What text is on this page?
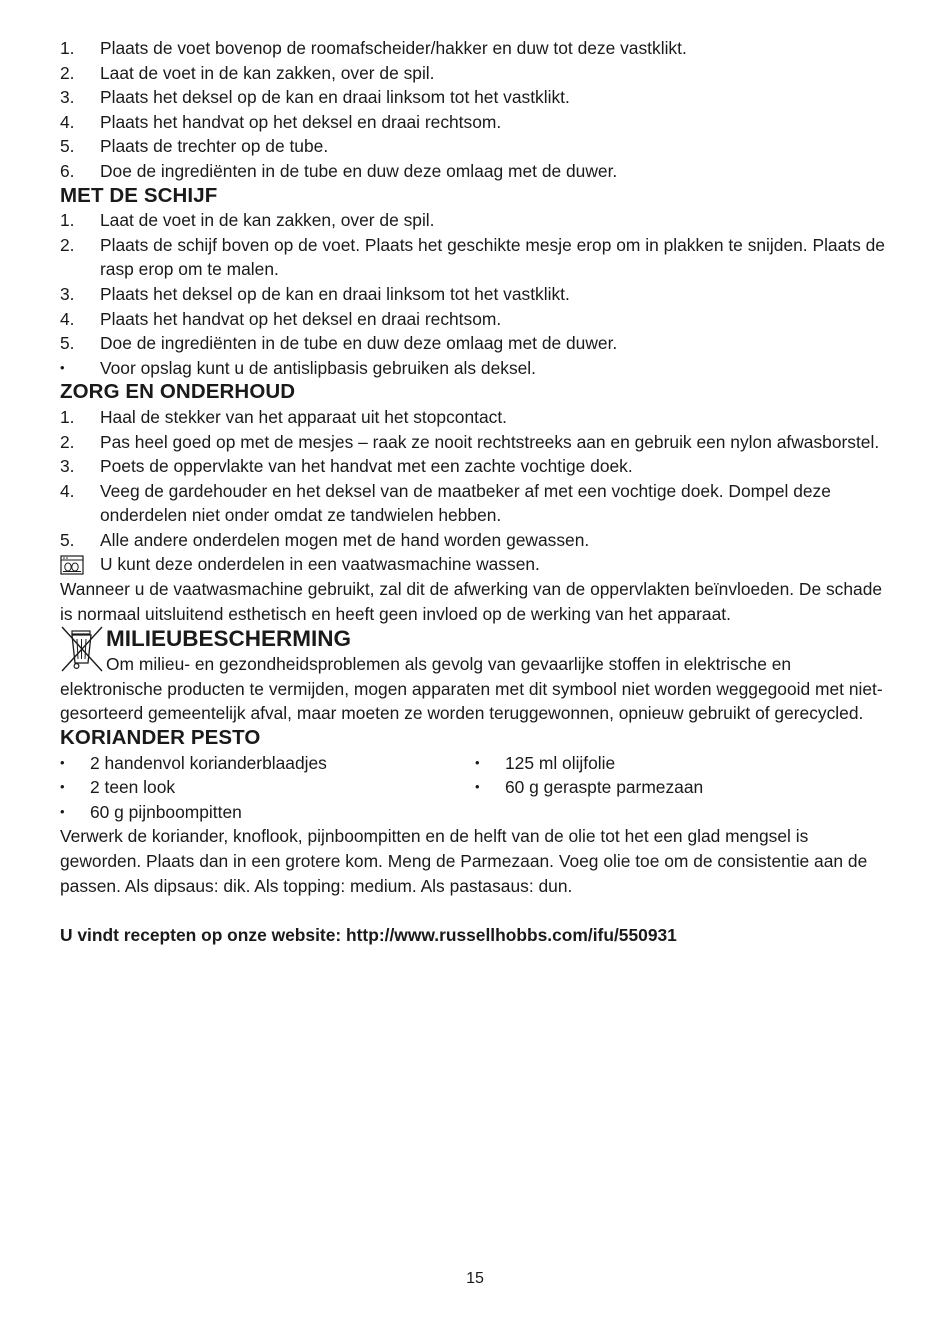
1.	Plaats de voet bovenop de roomafscheider/hakker en duw tot deze vastklikt.
2.	Laat de voet in de kan zakken, over de spil.
3.	Plaats het deksel op de kan en draai linksom tot het vastklikt.
4.	Plaats het handvat op het deksel en draai rechtsom.
5.	Plaats de trechter op de tube.
6.	Doe de ingrediënten in de tube en duw deze omlaag met de duwer.
MET DE SCHIJF
1.	Laat de voet in de kan zakken, over de spil.
2.	Plaats de schijf boven op de voet. Plaats het geschikte mesje erop om in plakken te snijden. Plaats de rasp erop om te malen.
3.	Plaats het deksel op de kan en draai linksom tot het vastklikt.
4.	Plaats het handvat op het deksel en draai rechtsom.
5.	Doe de ingrediënten in de tube en duw deze omlaag met de duwer.
•	Voor opslag kunt u de antislipbasis gebruiken als deksel.
ZORG EN ONDERHOUD
1.	Haal de stekker van het apparaat uit het stopcontact.
2.	Pas heel goed op met de mesjes – raak ze nooit rechtstreeks aan en gebruik een nylon afwasborstel.
3.	Poets de oppervlakte van het handvat met een zachte vochtige doek.
4.	Veeg de gardehouder en het deksel van de maatbeker af met een vochtige doek. Dompel deze onderdelen niet onder omdat ze tandwielen hebben.
5.	Alle andere onderdelen mogen met de hand worden gewassen.
U kunt deze onderdelen in een vaatwasmachine wassen.

Wanneer u de vaatwasmachine gebruikt, zal dit de afwerking van de oppervlakten beïnvloeden. De schade is normaal uitsluitend esthetisch en heeft geen invloed op de werking van het apparaat.

MILIEUBESCHERMING
Om milieu- en gezondheidsproblemen als gevolg van gevaarlijke stoffen in elektrische en elektronische producten te vermijden, mogen apparaten met dit symbool niet worden weggegooid met niet-gesorteerd gemeentelijk afval, maar moeten ze worden teruggewonnen, opnieuw gebruikt of gerecycled.
KORIANDER PESTO
•	2 handenvol korianderblaadjes	•	125 ml olijfolie
•	2 teen look	•	60 g geraspte parmezaan
•	60 g pijnboompitten

Verwerk de koriander, knoflook, pijnboompitten en de helft van de olie tot het een glad mengsel is geworden. Plaats dan in een grotere kom. Meng de Parmezaan. Voeg olie toe om de consistentie aan de passen. Als dipsaus: dik. Als topping: medium. Als pastasaus: dun.

U vindt recepten op onze website: http://www.russellhobbs.com/ifu/550931

15
